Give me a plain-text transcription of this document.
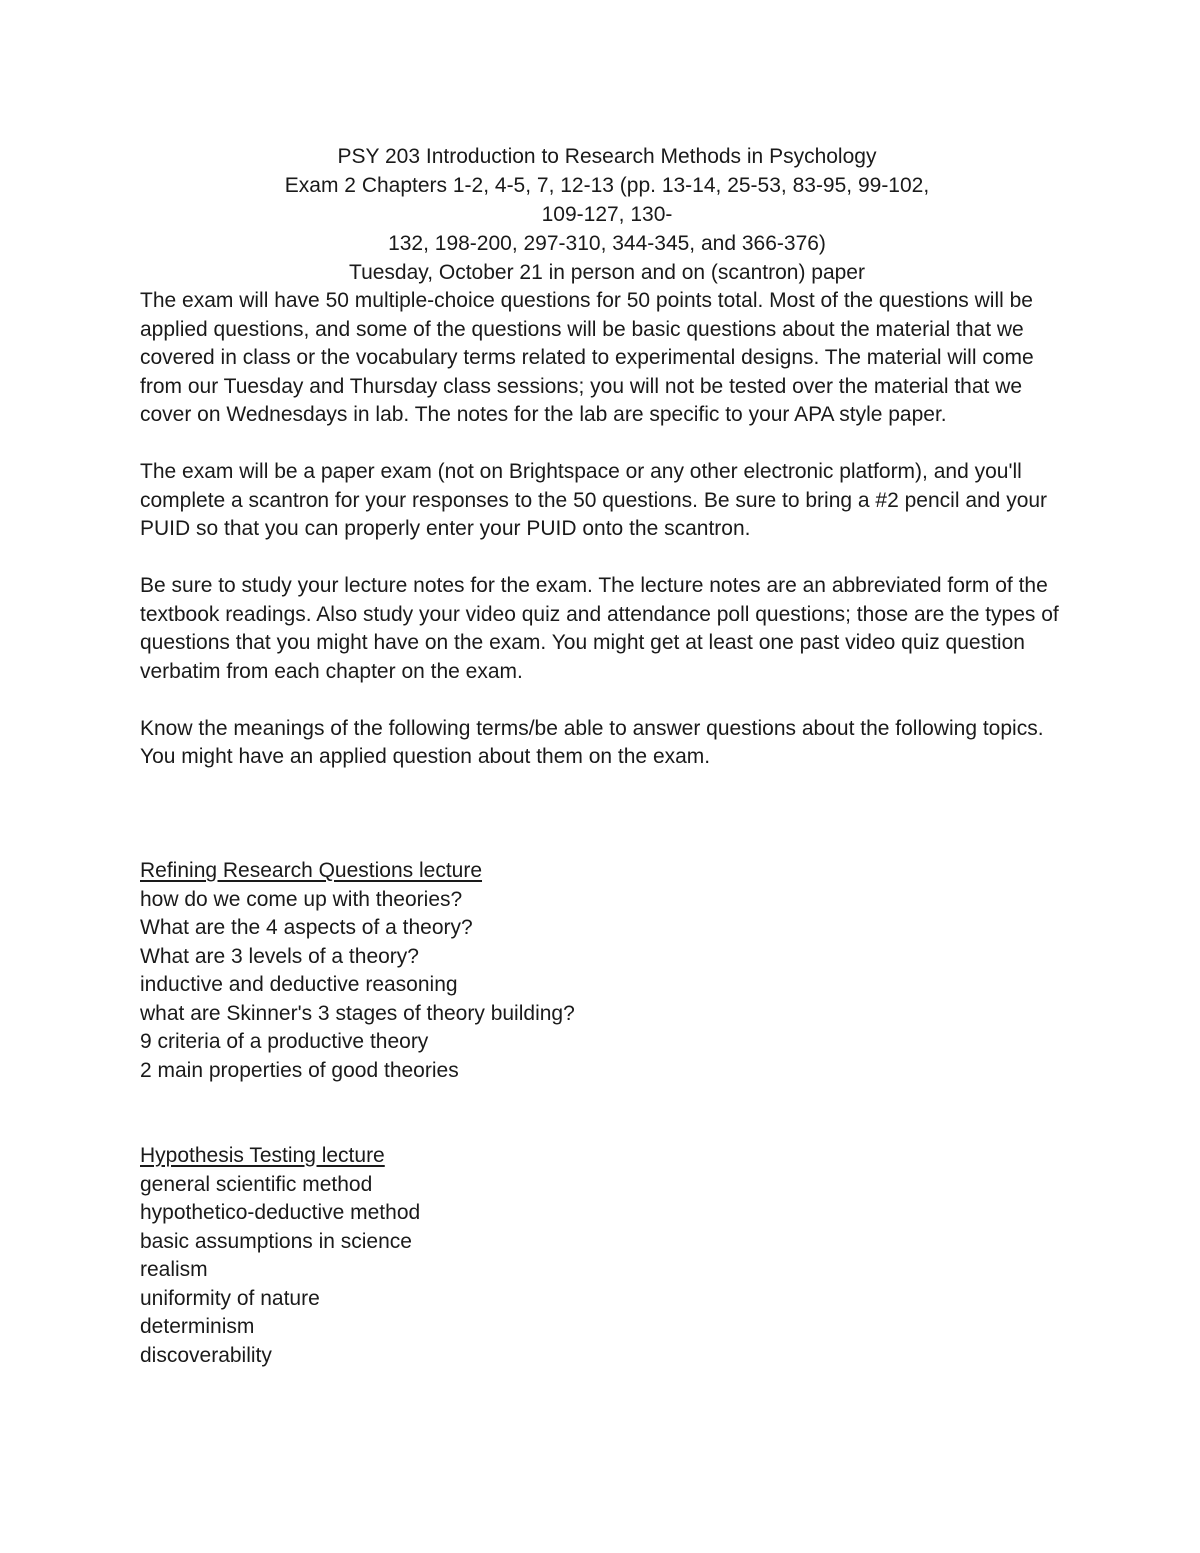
PSY 203 Introduction to Research Methods in Psychology
Exam 2 Chapters 1-2, 4-5, 7, 12-13 (pp. 13-14, 25-53, 83-95, 99-102, 109-127, 130-
132, 198-200, 297-310, 344-345, and 366-376)
Tuesday, October 21 in person and on (scantron) paper

The exam will have 50 multiple-choice questions for 50 points total. Most of the questions will be applied questions, and some of the questions will be basic questions about the material that we covered in class or the vocabulary terms related to experimental designs. The material will come from our Tuesday and Thursday class sessions; you will not be tested over the material that we cover on Wednesdays in lab. The notes for the lab are specific to your APA style paper.

The exam will be a paper exam (not on Brightspace or any other electronic platform), and you'll complete a scantron for your responses to the 50 questions. Be sure to bring a #2 pencil and your PUID so that you can properly enter your PUID onto the scantron.

Be sure to study your lecture notes for the exam. The lecture notes are an abbreviated form of the textbook readings. Also study your video quiz and attendance poll questions; those are the types of questions that you might have on the exam. You might get at least one past video quiz question verbatim from each chapter on the exam.

Know the meanings of the following terms/be able to answer questions about the following topics. You might have an applied question about them on the exam.

Refining Research Questions lecture
how do we come up with theories?
What are the 4 aspects of a theory?
What are 3 levels of a theory?
inductive and deductive reasoning
what are Skinner's 3 stages of theory building?
9 criteria of a productive theory
2 main properties of good theories
Hypothesis Testing lecture
general scientific method
hypothetico-deductive method
basic assumptions in science
realism
uniformity of nature
determinism
discoverability
